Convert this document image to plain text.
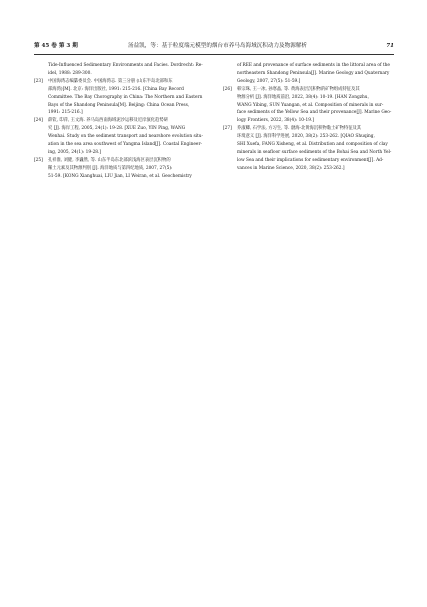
第 45 卷 第 3 期	汤益凯，等：基于粒度端元模型的烟台市养马岛海域沉积动力及物源解析	71
Tide-Influenced Sedimentary Environments and Facies. Dordrecht: Re-
idel, 1988: 289-300.
[23] 中国海湾志编纂委员会. 中国海湾志. 第三分册 (山东半岛北部和东
部海湾)[M]. 北京: 海洋出版社, 1991: 215-216. [China Bay Record
Committee. The Bay Chorography in China: The Northern and Eastern
Bays of the Shandong Peninsula[M]. Beijing: China Ocean Press,
1991: 215-216.]
[24] 薛钦, 印萍, 王文海. 养马岛西南海域泥沙运移及近岸演化趋势研
究 [J]. 海岸工程, 2005, 24(1): 19-28. [XUE Zuo, YIN Ping, WANG
Wenhai. Study on the sediment transport and nearshore evolution situ-
ation in the sea area southwest of Yangma Island[J]. Coastal Engineer-
ing, 2005, 24(1): 19-28.]
[25] 孔祥淮, 刘健, 李巍然, 等. 山东半岛东北部滨浅海区表层沉积物的
稀土元素及其物源判别 [J]. 海洋地质与第四纪地质, 2007, 27(5):
51-59. [KONG Xianghuai, LIU Jian, LI Weiran, et al. Geochemistry
of REE and provenance of surface sediments in the littoral area of the
northeastern Shandong Peninsula[J]. Marine Geology and Quaternary
Geology, 2007, 27(5): 51-59.]
[26] 韩宗珠, 王一冰, 孙寒晶, 等. 黄海表层沉积物的矿物组成特征及其
物源分析 [J]. 海洋地质前沿, 2022, 38(4): 10-19. [HAN Zongzhu,
WANG Yibing, SUN Yuangan, et al. Composition of minerals in sur-
face sediments of the Yellow Sea and their provenance[J]. Marine Geo-
logy Frontiers, 2022, 38(4): 10-19.]
[27] 乔淑卿, 石学法, 方习生, 等. 渤海-北黄海沉积物黏土矿物特征及其
环境意义 [J]. 海洋科学进展, 2020, 38(2): 253-262. [QIAO Shuqing,
SHI Xuefa, FANG Xisheng, et al. Distribution and composition of clay
minerals in seafloor surface sediments of the Bohai Sea and North Yel-
low Sea and their implications for sedimentary environment[J]. Ad-
vances in Marine Science, 2020, 38(2): 253-262.]
